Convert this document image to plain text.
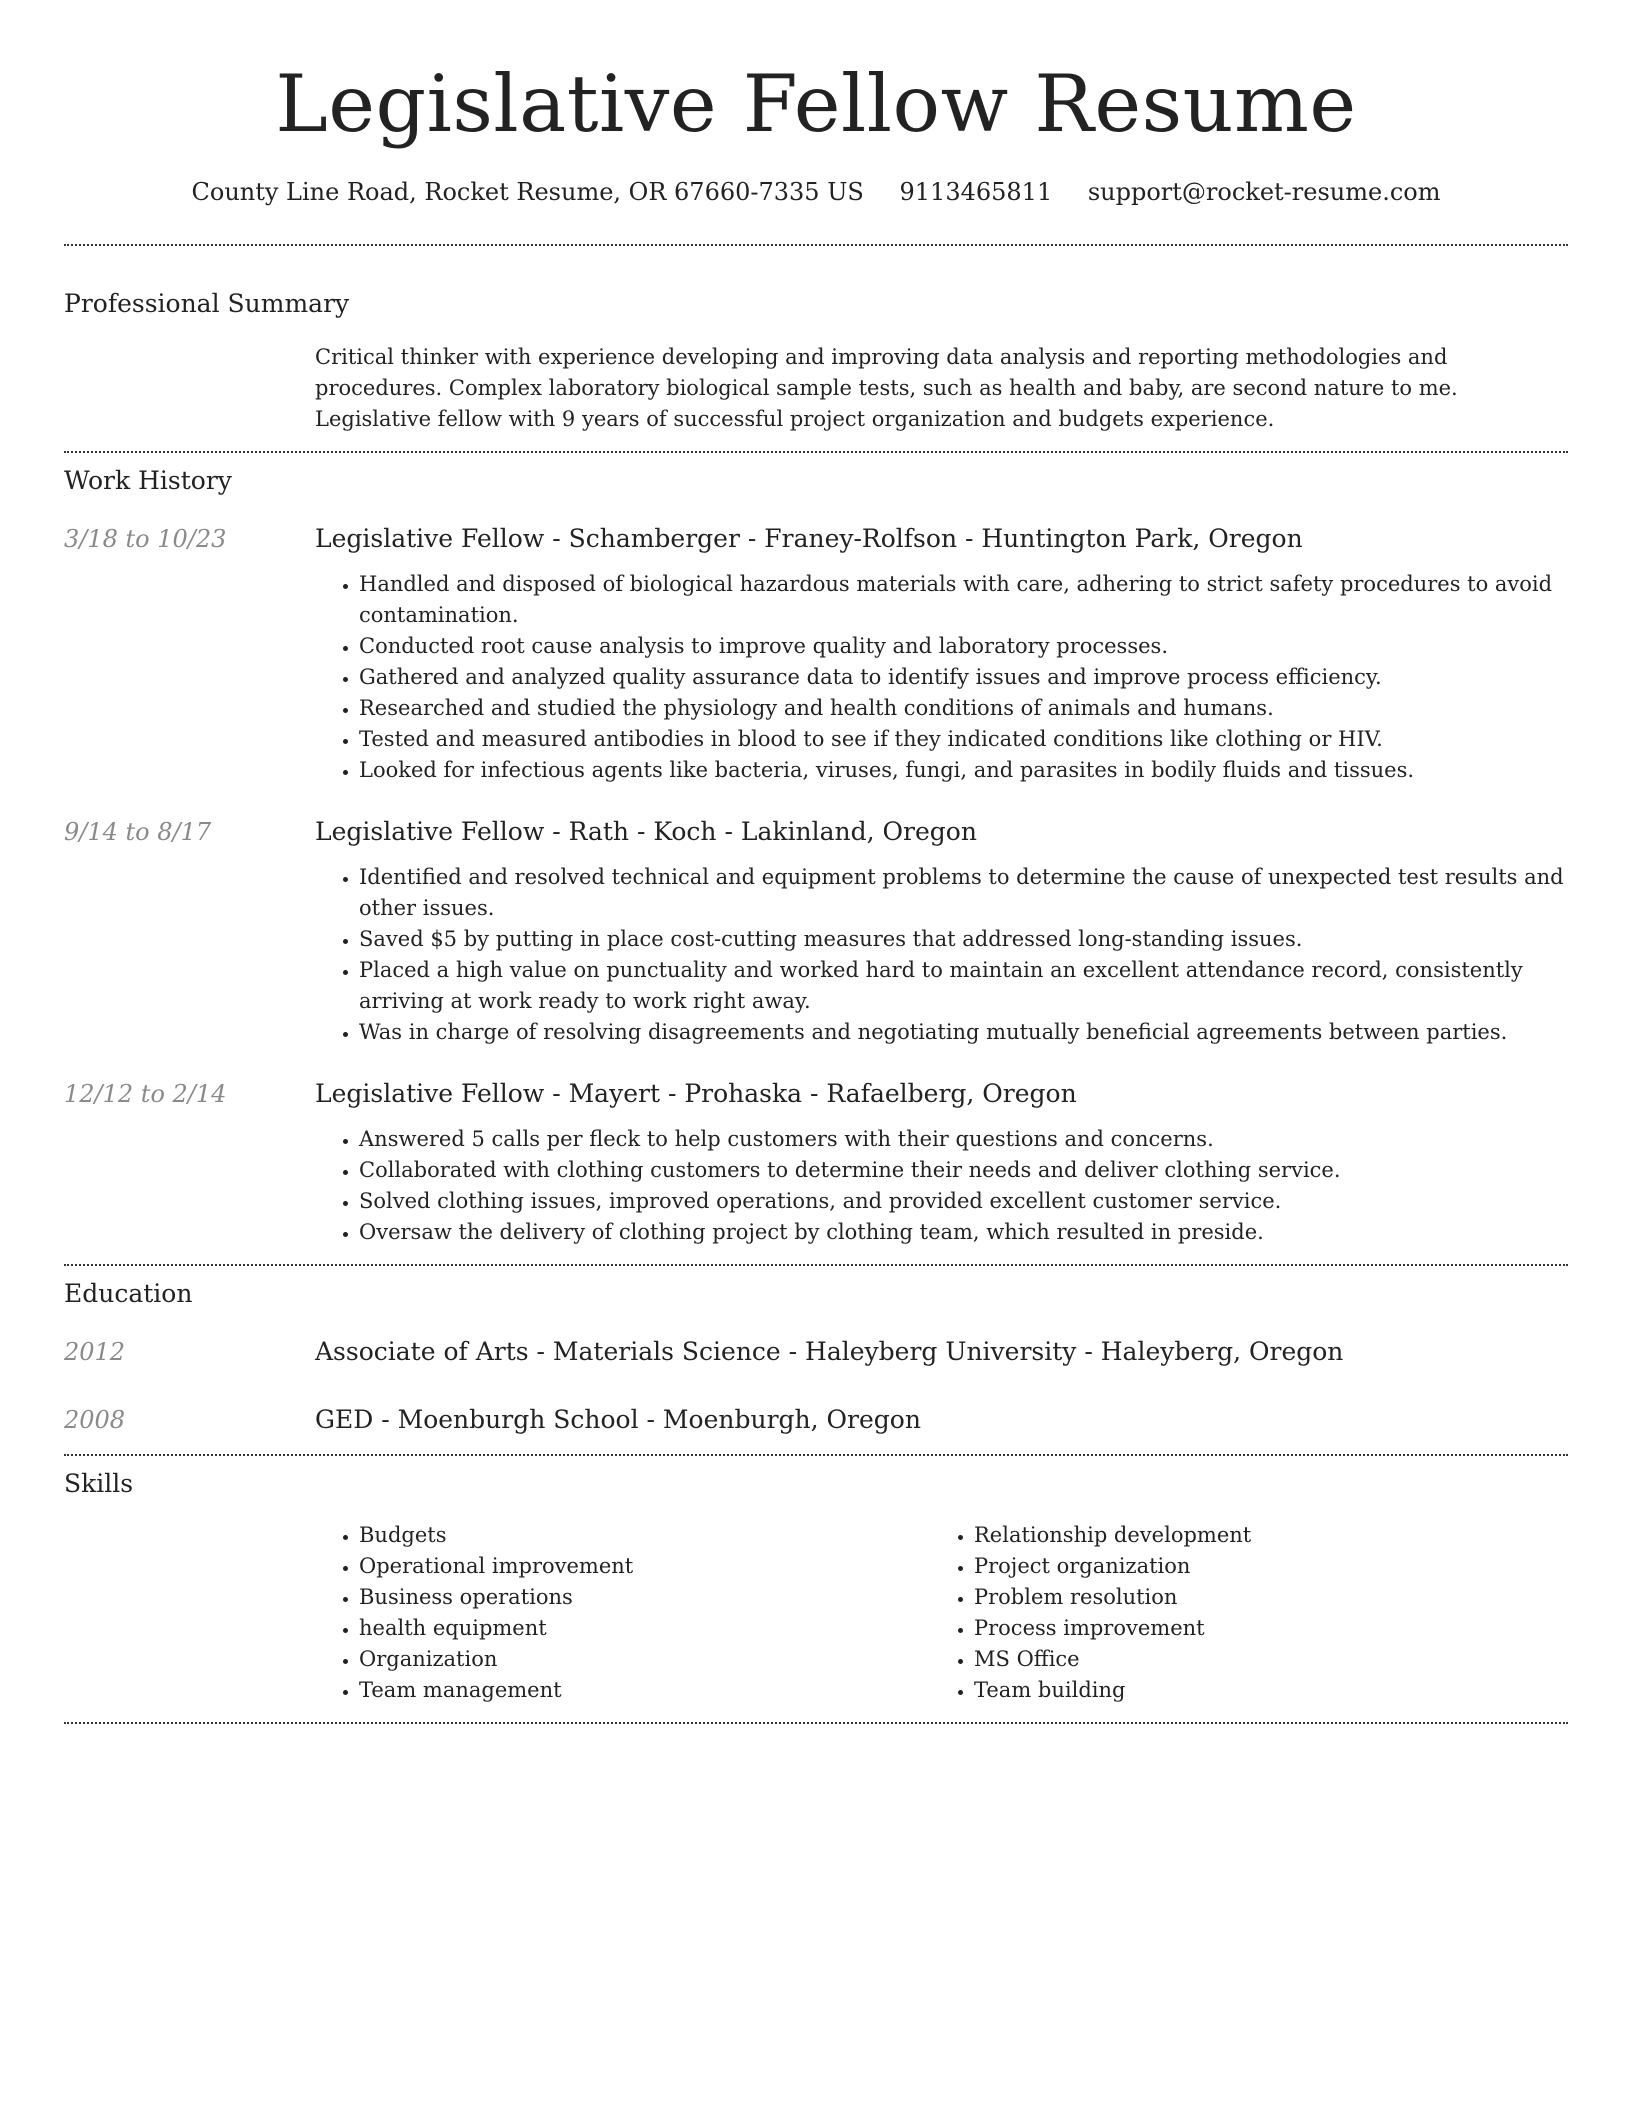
Legislative Fellow Resume
County Line Road, Rocket Resume, OR 67660-7335 US 9113465811 support@rocket-resume.com
Professional Summary
Critical thinker with experience developing and improving data analysis and reporting methodologies and procedures. Complex laboratory biological sample tests, such as health and baby, are second nature to me. Legislative fellow with 9 years of successful project organization and budgets experience.
Work History
3/18 to 10/23	Legislative Fellow - Schamberger - Franey-Rolfson - Huntington Park, Oregon
• Handled and disposed of biological hazardous materials with care, adhering to strict safety procedures to avoid contamination.
• Conducted root cause analysis to improve quality and laboratory processes.
• Gathered and analyzed quality assurance data to identify issues and improve process efficiency.
• Researched and studied the physiology and health conditions of animals and humans.
• Tested and measured antibodies in blood to see if they indicated conditions like clothing or HIV.
• Looked for infectious agents like bacteria, viruses, fungi, and parasites in bodily fluids and tissues.
9/14 to 8/17	Legislative Fellow - Rath - Koch - Lakinland, Oregon
• Identified and resolved technical and equipment problems to determine the cause of unexpected test results and other issues.
• Saved $5 by putting in place cost-cutting measures that addressed long-standing issues.
• Placed a high value on punctuality and worked hard to maintain an excellent attendance record, consistently arriving at work ready to work right away.
• Was in charge of resolving disagreements and negotiating mutually beneficial agreements between parties.
12/12 to 2/14	Legislative Fellow - Mayert - Prohaska - Rafaelberg, Oregon
• Answered 5 calls per fleck to help customers with their questions and concerns.
• Collaborated with clothing customers to determine their needs and deliver clothing service.
• Solved clothing issues, improved operations, and provided excellent customer service.
• Oversaw the delivery of clothing project by clothing team, which resulted in preside.
Education
2012	Associate of Arts - Materials Science - Haleyberg University - Haleyberg, Oregon
2008	GED - Moenburgh School - Moenburgh, Oregon
Skills
• Budgets
• Operational improvement
• Business operations
• health equipment
• Organization
• Team management
• Relationship development
• Project organization
• Problem resolution
• Process improvement
• MS Office
• Team building
